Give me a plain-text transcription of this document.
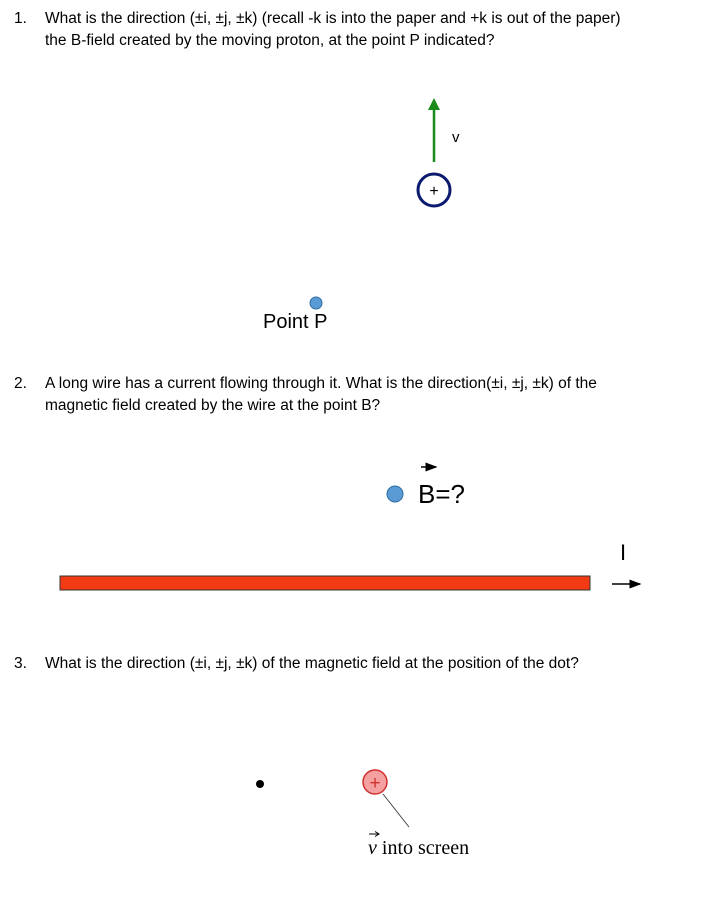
1. What is the direction (±i, ±j, ±k) (recall -k is into the paper and +k is out of the paper)
the B-field created by the moving proton, at the point P indicated?
2. A long wire has a current flowing through it. What is the direction(±i, ±j, ±k) of the
magnetic field created by the wire at the point B?
3. What is the direction (±i, ±j, ±k) of the magnetic field at the position of the dot?
v
+
Point P
B=?
I
+
v into screen
